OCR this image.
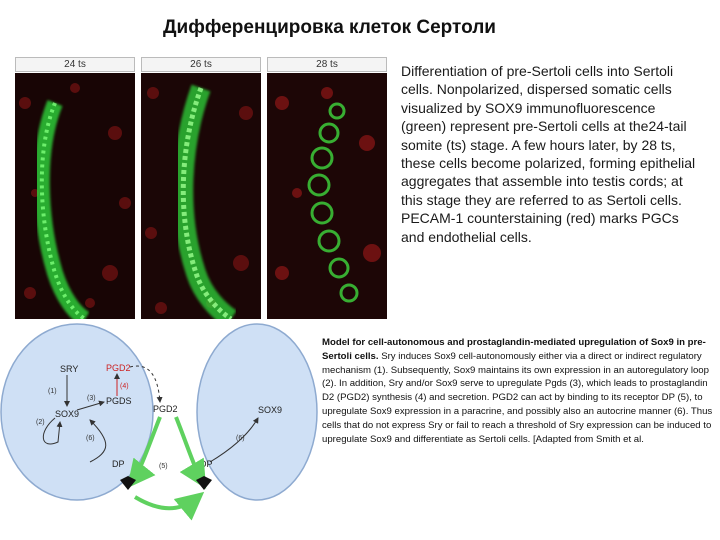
Дифференцировка клеток Сертоли
24 ts	26 ts	28 ts	Differentiation of pre-Sertoli cells into Sertoli cells. Nonpolarized, dispersed somatic cells visualized by SOX9 immunofluorescence (green) represent pre-Sertoli cells at the24-tail somite (ts) stage. A few hours later, by 28 ts, these cells become polarized, forming epithelial aggregates that assemble into testis cords; at this stage they are referred to as Sertoli cells. PECAM-1 counterstaining (red) marks PGCs and endothelial cells.
SRY
SOX9
PGD2
PGDS
PGD2	SOX9
DP	DP
(1)
(2)
(3)
(4)
(6)	(6)
(5)
Model for cell-autonomous and prostaglandin-mediated upregulation of Sox9 in pre-Sertoli cells. Sry induces Sox9 cell-autonomously either via a direct or indirect regulatory mechanism (1). Subsequently, Sox9 maintains its own expression in an autoregulatory loop (2). In addition, Sry and/or Sox9 serve to upregulate Pgds (3), which leads to prostaglandin D2 (PGD2) synthesis (4) and secretion. PGD2 can act by binding to its receptor DP (5), to upregulate Sox9 expression in a paracrine, and possibly also an autocrine manner (6). Thus cells that do not express Sry or fail to reach a threshold of Sry expression can be induced to upregulate Sox9 and differentiate as Sertoli cells. [Adapted from Smith et al.
